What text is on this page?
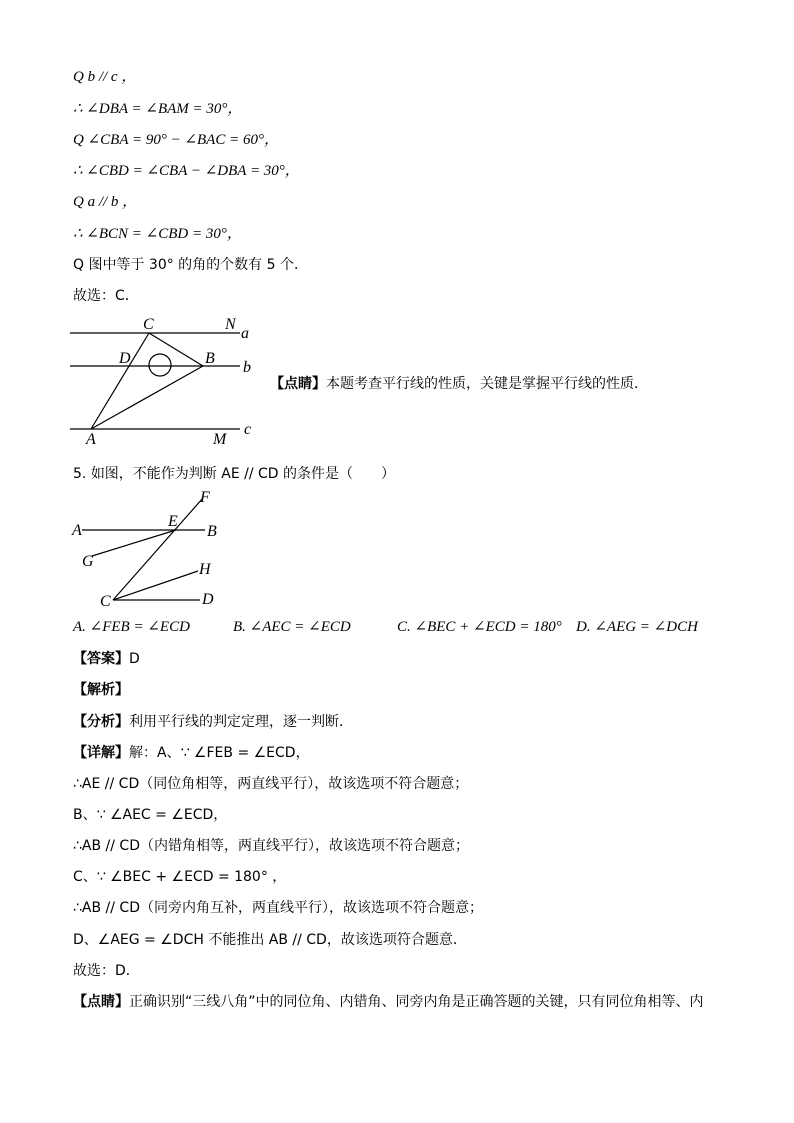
Q b // c ，
∴ ∠DBA = ∠BAM = 30°，
Q ∠CBA = 90° − ∠BAC = 60°，
∴ ∠CBD = ∠CBA − ∠DBA = 30°，
Q a // b ，
∴ ∠BCN = ∠CBD = 30°，
Q 图中等于 30° 的角的个数有 5 个．
故选：C．
C	N
a
D	B
b
A	M
c
【点睛】本题考查平行线的性质，关键是掌握平行线的性质．
5. 如图，不能作为判断 AE // CD 的条件是（　　）
F
E
A	B
G	H
C	D
A. ∠FEB = ∠ECD	B. ∠AEC = ∠ECD	C. ∠BEC + ∠ECD = 180° D. ∠AEG = ∠DCH
【答案】D
【解析】
【分析】利用平行线的判定定理，逐一判断．
【详解】解：A、∵ ∠FEB = ∠ECD，
∴AE // CD（同位角相等，两直线平行），故该选项不符合题意；
B、∵ ∠AEC = ∠ECD，
∴AB // CD（内错角相等，两直线平行），故该选项不符合题意；
C、∵ ∠BEC + ∠ECD = 180° ，
∴AB // CD（同旁内角互补，两直线平行），故该选项不符合题意；
D、∠AEG = ∠DCH 不能推出 AB // CD，故该选项符合题意．
故选：D．
【点睛】正确识别“三线八角”中的同位角、内错角、同旁内角是正确答题的关键，只有同位角相等、内
